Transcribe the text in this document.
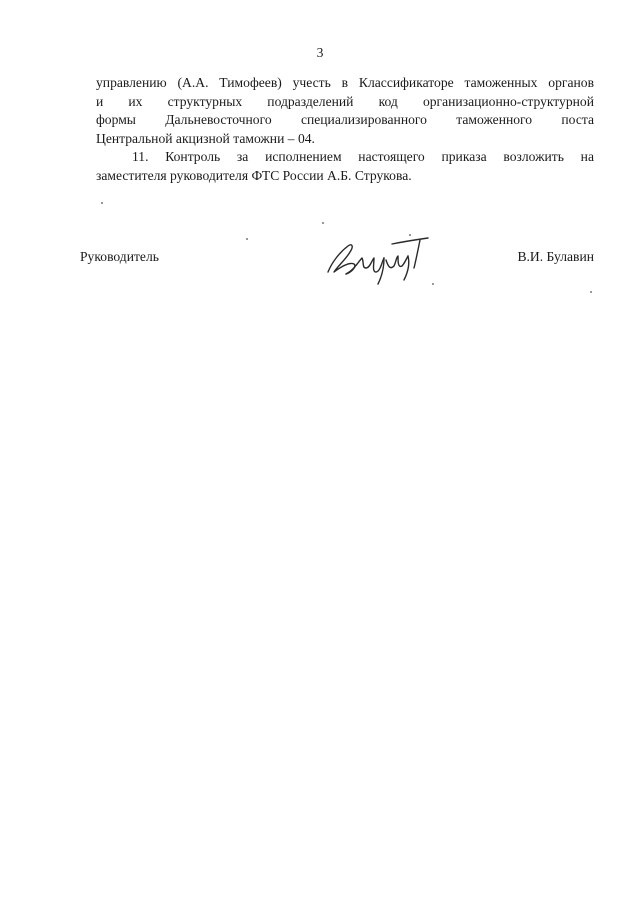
3
управлению (А.А. Тимофеев) учесть в Классификаторе таможенных органов
и их структурных подразделений код организационно-структурной
формы Дальневосточного специализированного таможенного поста
Центральной акцизной таможни – 04.
11. Контроль за исполнением настоящего приказа возложить на
заместителя руководителя ФТС России А.Б. Струкова.
Руководитель	В.И. Булавин
